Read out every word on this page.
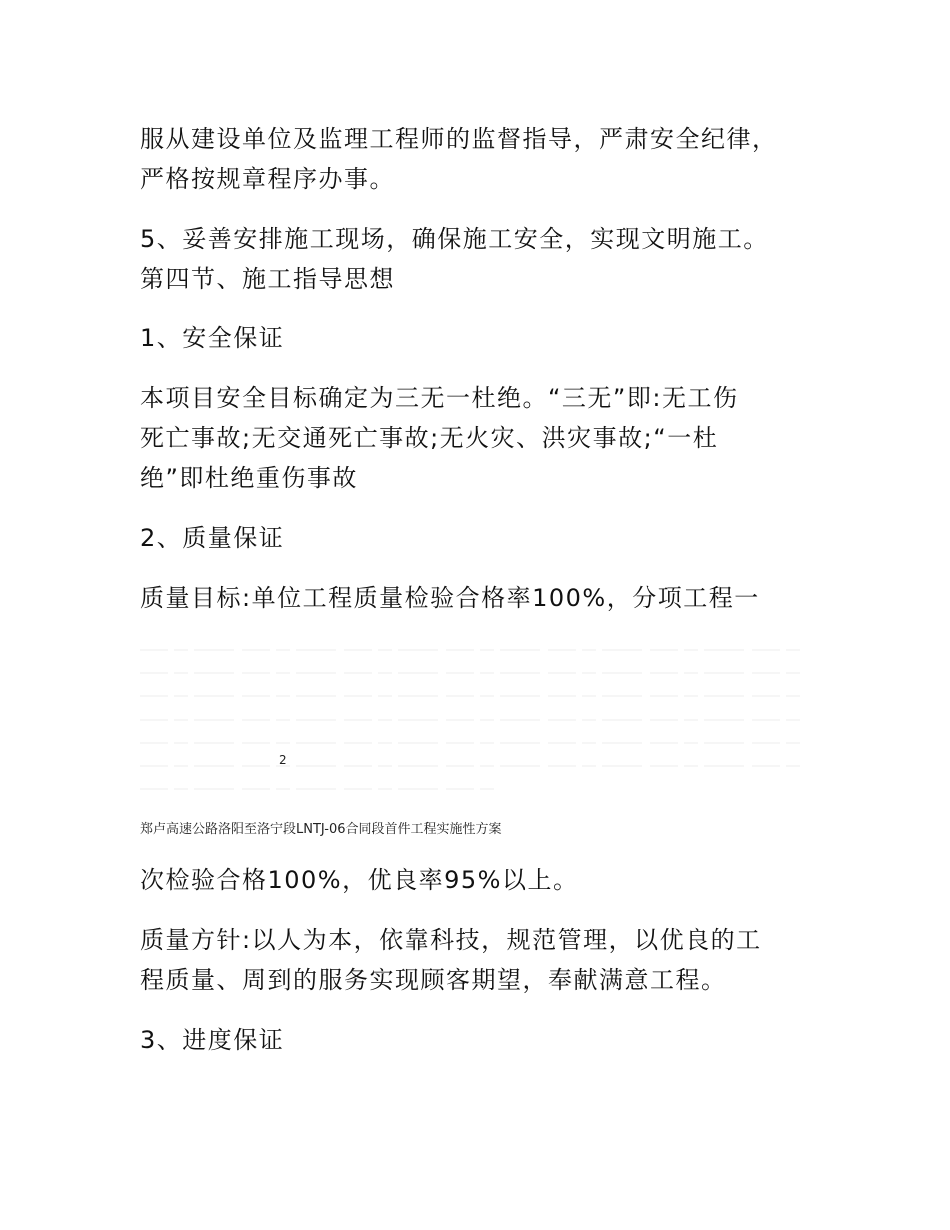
服从建设单位及监理工程师的监督指导，严肃安全纪律，
严格按规章程序办事。
5、妥善安排施工现场，确保施工安全，实现文明施工。
第四节、施工指导思想
1、安全保证
本项目安全目标确定为三无一杜绝。“三无”即:无工伤
死亡事故;无交通死亡事故;无火灾、洪灾事故;“一杜
绝”即杜绝重伤事故
2、质量保证
质量目标:单位工程质量检验合格率100%，分项工程一
2
郑卢高速公路洛阳至洛宁段LNTJ-06合同段首件工程实施性方案
次检验合格100%，优良率95%以上。
质量方针:以人为本，依靠科技，规范管理，以优良的工
程质量、周到的服务实现顾客期望，奉献满意工程。
3、进度保证
